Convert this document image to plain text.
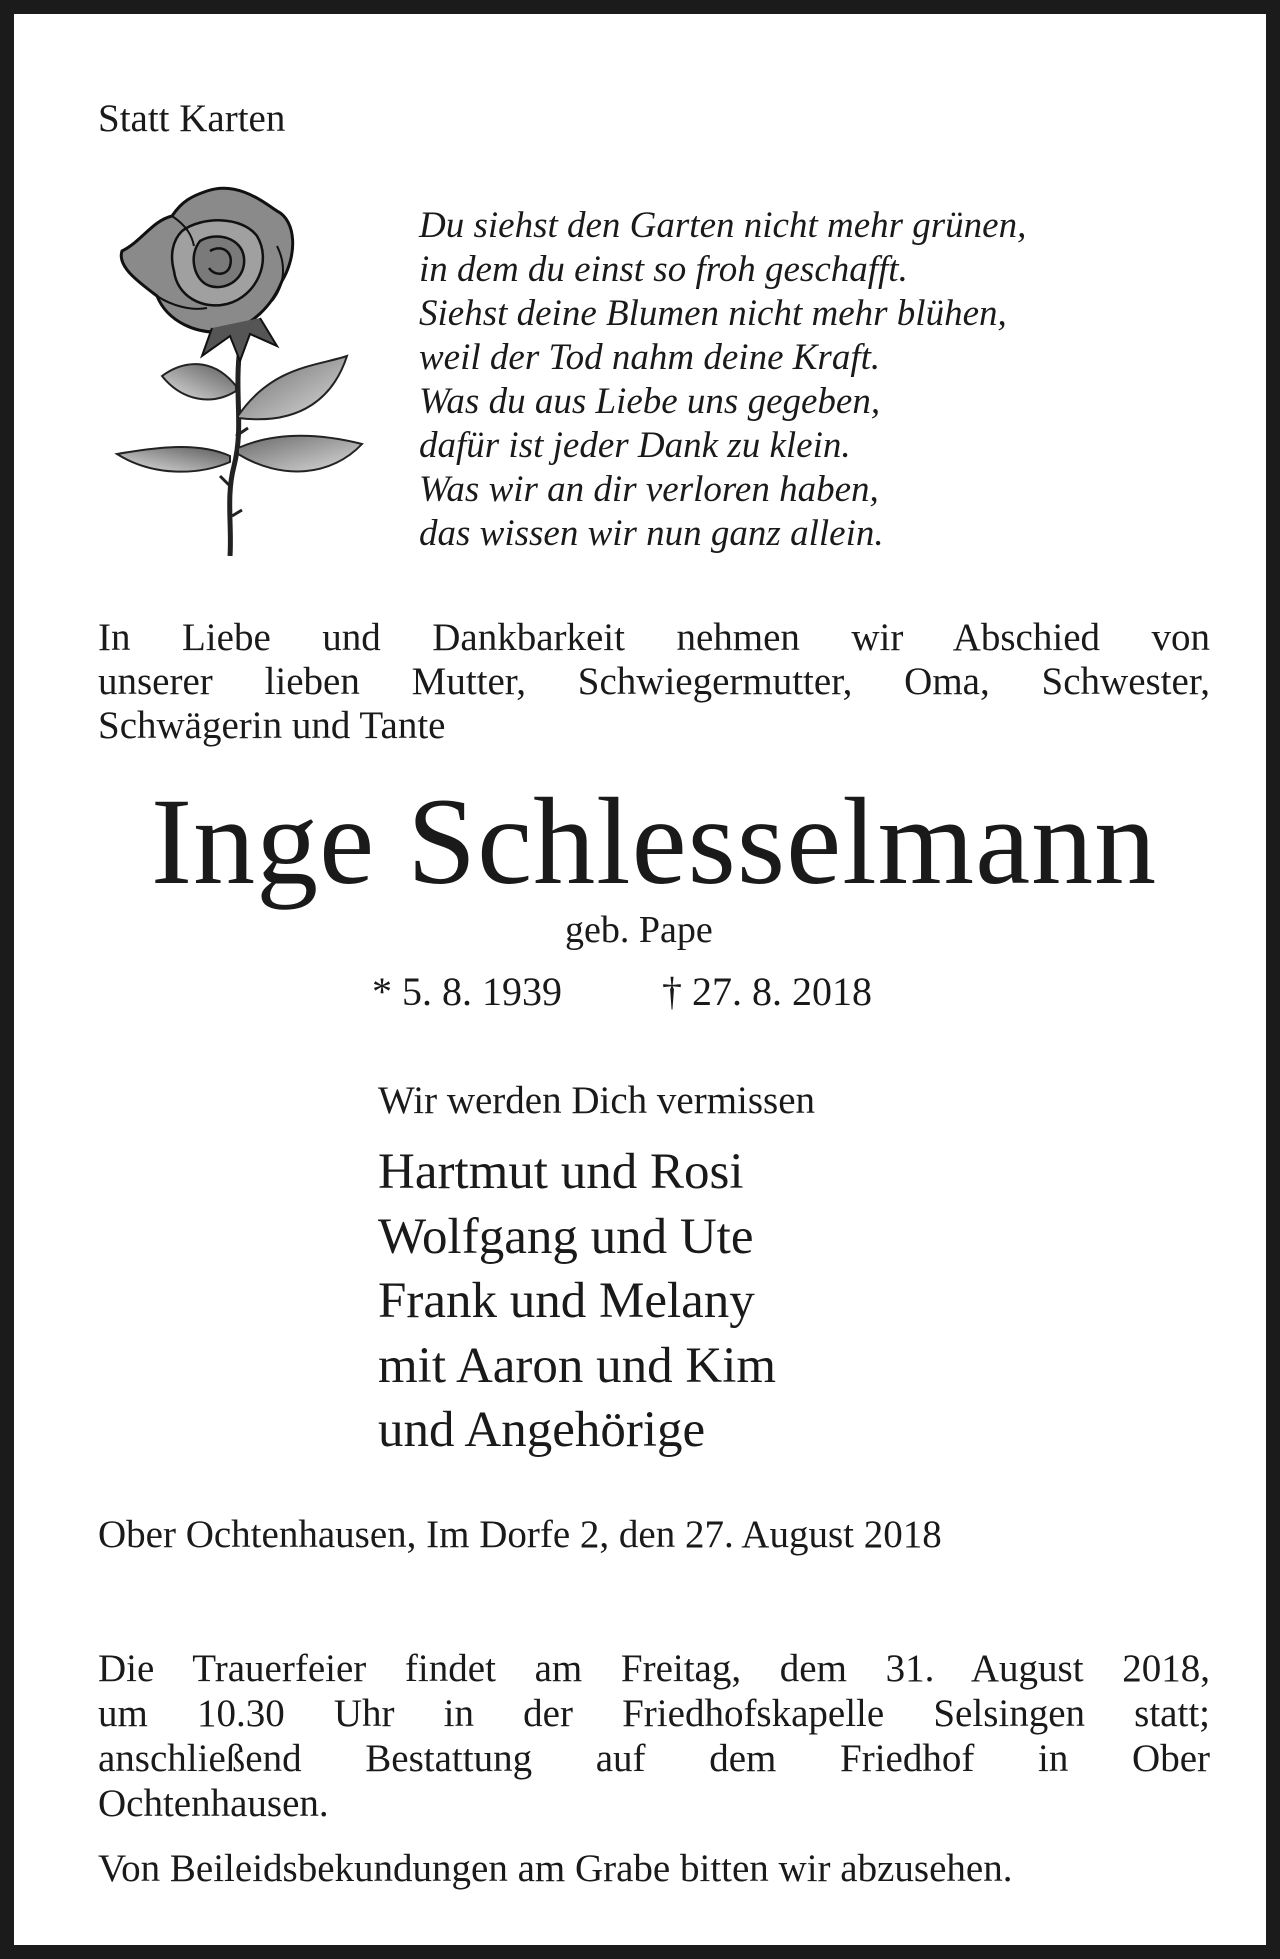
Statt Karten

Du siehst den Garten nicht mehr grünen,
in dem du einst so froh geschafft.
Siehst deine Blumen nicht mehr blühen,
weil der Tod nahm deine Kraft.
Was du aus Liebe uns gegeben,
dafür ist jeder Dank zu klein.
Was wir an dir verloren haben,
das wissen wir nun ganz allein.
In Liebe und Dankbarkeit nehmen wir Abschied von
unserer lieben Mutter, Schwiegermutter, Oma, Schwester,
Schwägerin und Tante

Inge Schlesselmann

geb. Pape

* 5. 8. 1939	† 27. 8. 2018

Wir werden Dich vermissen

Hartmut und Rosi
Wolfgang und Ute
Frank und Melany
mit Aaron und Kim
und Angehörige

Ober Ochtenhausen, Im Dorfe 2, den 27. August 2018

Die Trauerfeier findet am Freitag, dem 31. August 2018,
um 10.30 Uhr in der Friedhofskapelle Selsingen statt;
anschließend Bestattung auf dem Friedhof in Ober
Ochtenhausen.

Von Beileidsbekundungen am Grabe bitten wir abzusehen.
